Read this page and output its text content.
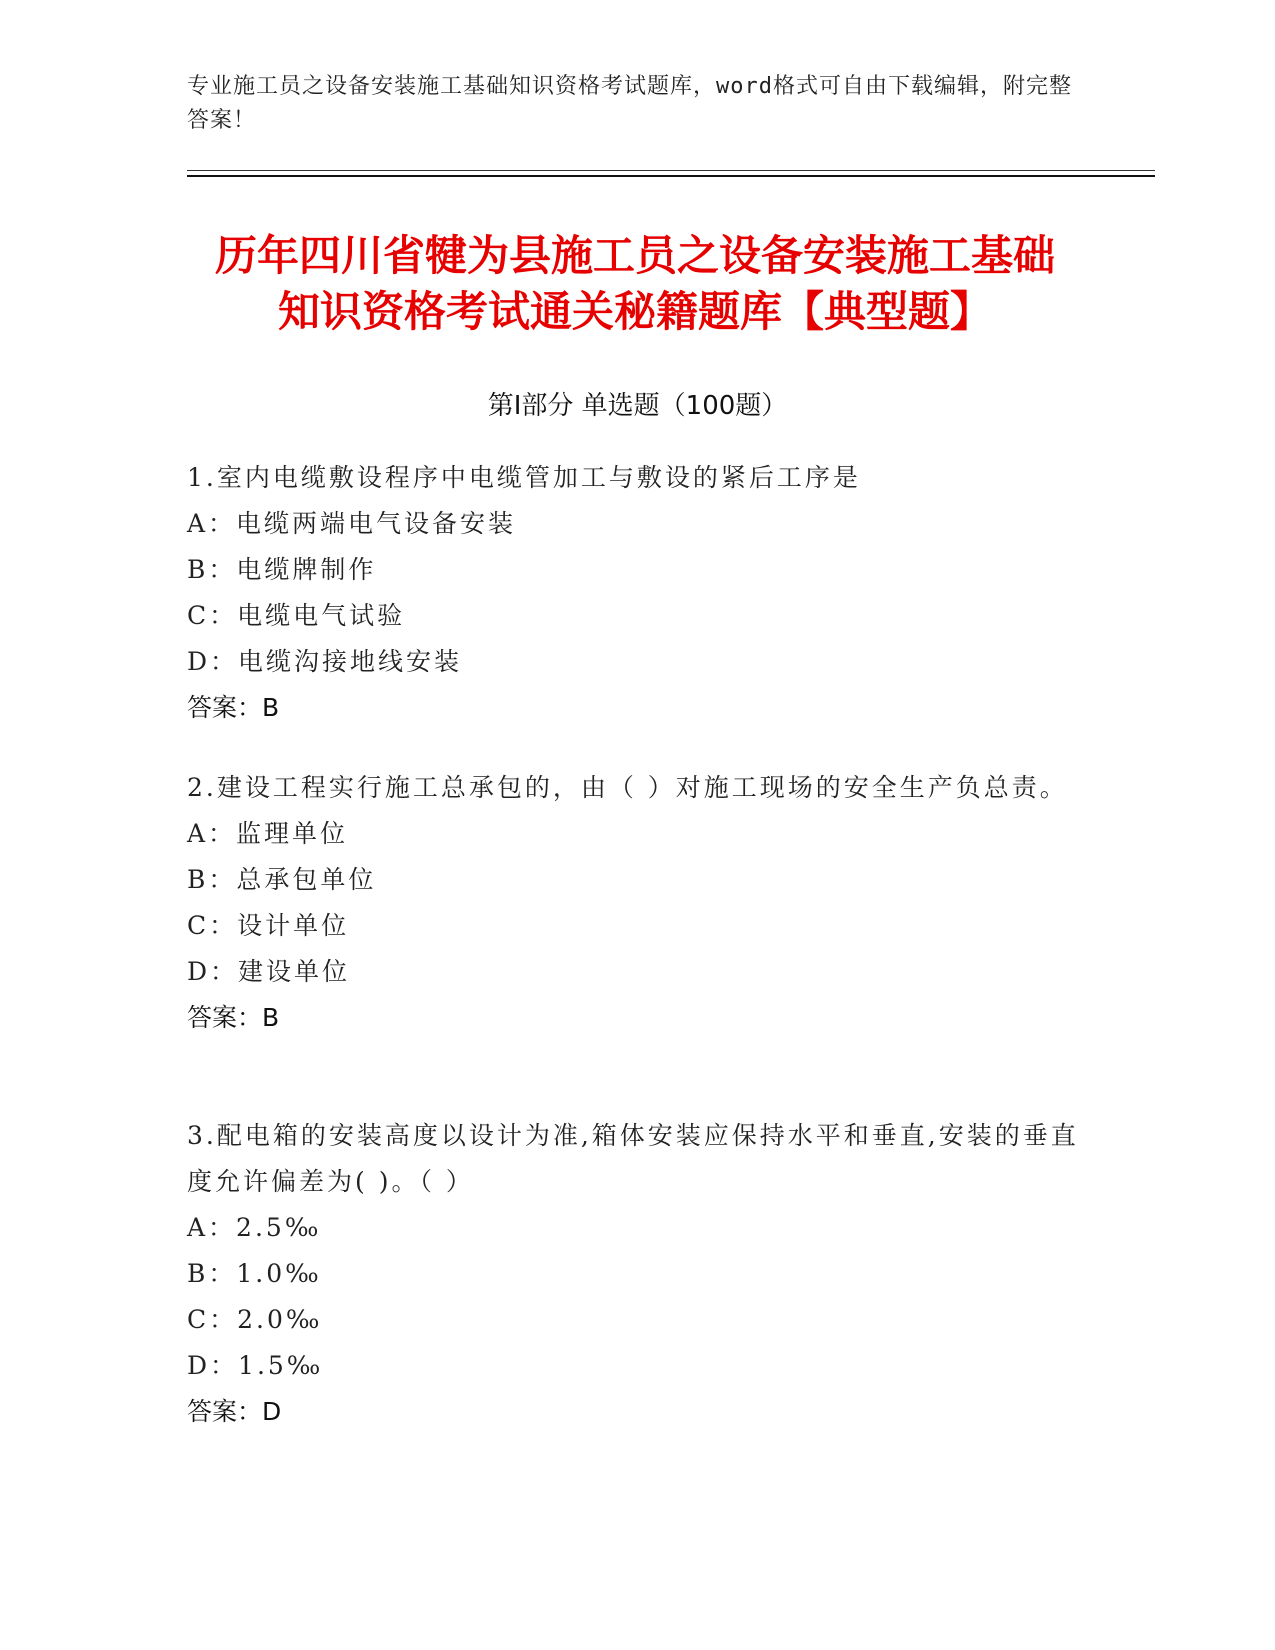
专业施工员之设备安装施工基础知识资格考试题库，word格式可自由下载编辑，附完整答案！
历年四川省犍为县施工员之设备安装施工基础知识资格考试通关秘籍题库【典型题】
第Ⅰ部分 单选题（100题）

1.室内电缆敷设程序中电缆管加工与敷设的紧后工序是

A：电缆两端电气设备安装

B：电缆牌制作

C：电缆电气试验

D：电缆沟接地线安装

答案：B

2.建设工程实行施工总承包的，由（ ）对施工现场的安全生产负总责。

A：监理单位

B：总承包单位

C：设计单位

D：建设单位

答案：B

3.配电箱的安装高度以设计为准,箱体安装应保持水平和垂直,安装的垂直度允许偏差为( )。（ ）

A：2.5‰

B：1.0‰

C：2.0‰

D：1.5‰

答案：D
